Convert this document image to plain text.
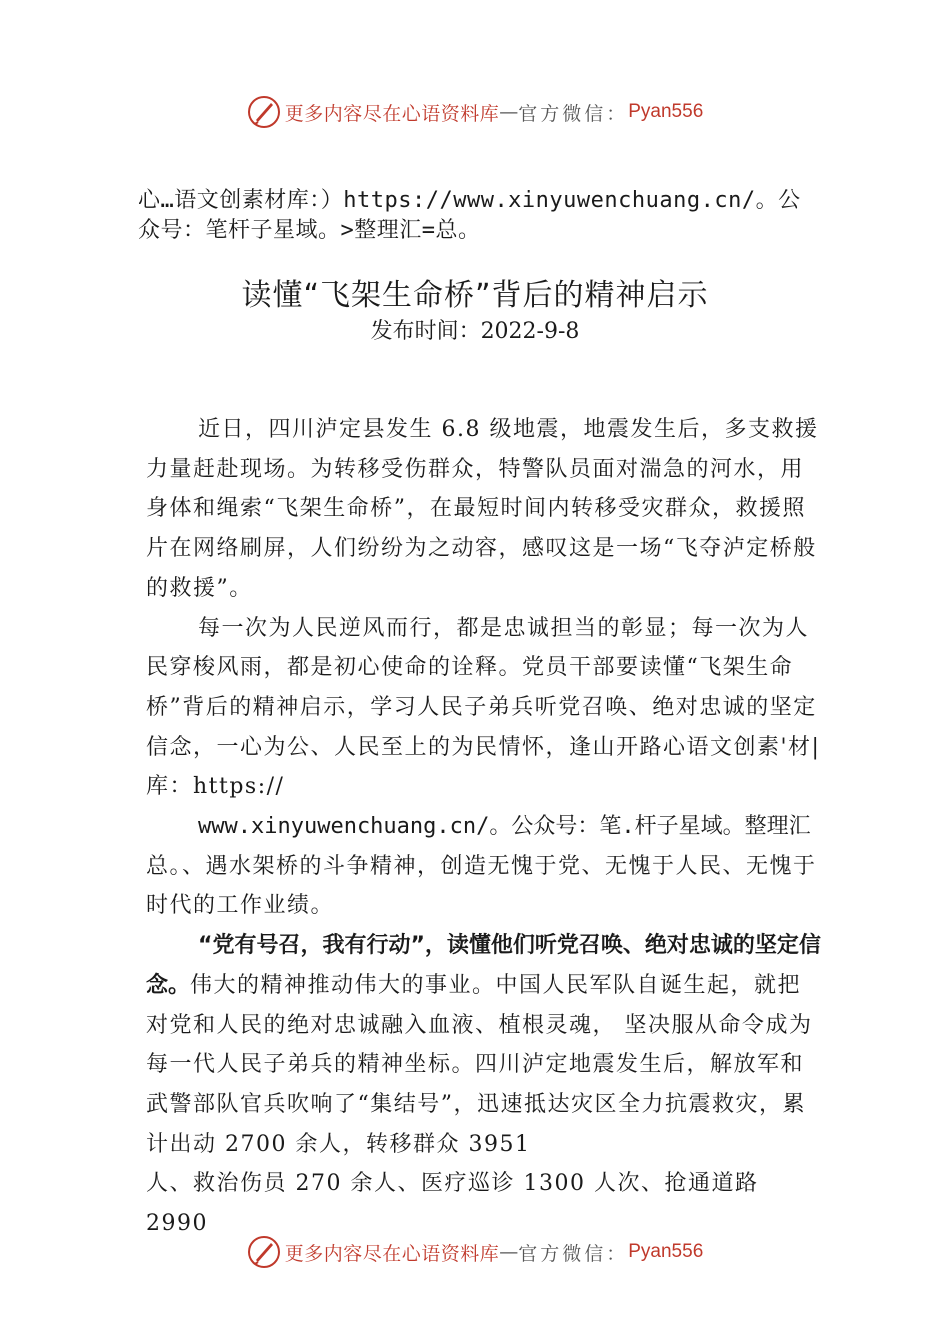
更多内容尽在心语资料库 — 官方微信： Pyan556
心…语文创素材库：）https://www.xinyuwenchuang.cn/。公
众号：笔杆子星域。>整理汇=总。
读懂“飞架生命桥”背后的精神启示
发布时间：2022-9-8

近日，四川泸定县发生 6.8 级地震，地震发生后，多支救援力量赶赴现场。为转移受伤群众，特警队员面对湍急的河水，用身体和绳索“飞架生命桥”，在最短时间内转移受灾群众，救援照片在网络刷屏，人们纷纷为之动容，感叹这是一场“飞夺泸定桥般的救援”。

每一次为人民逆风而行，都是忠诚担当的彰显；每一次为人民穿梭风雨，都是初心使命的诠释。党员干部要读懂“飞架生命桥”背后的精神启示，学习人民子弟兵听党召唤、绝对忠诚的坚定信念，一心为公、人民至上的为民情怀，逢山开路心语文创素'材|库：https://
www.xinyuwenchuang.cn/。公众号：笔.杆子星域。整理汇
总。、遇水架桥的斗争精神，创造无愧于党、无愧于人民、无愧于时代的工作业绩。

“党有号召，我有行动”，读懂他们听党召唤、绝对忠诚的坚定信念。伟大的精神推动伟大的事业。中国人民军队自诞生起，就把对党和人民的绝对忠诚融入血液、植根灵魂， 坚决服从命令成为每一代人民子弟兵的精神坐标。四川泸定地震发生后，解放军和武警部队官兵吹响了“集结号”，迅速抵达灾区全力抗震救灾，累计出动 2700 余人，转移群众 3951

人、救治伤员 270 余人、医疗巡诊 1300 人次、抢通道路 2990

更多内容尽在心语资料库 — 官方微信： Pyan556
